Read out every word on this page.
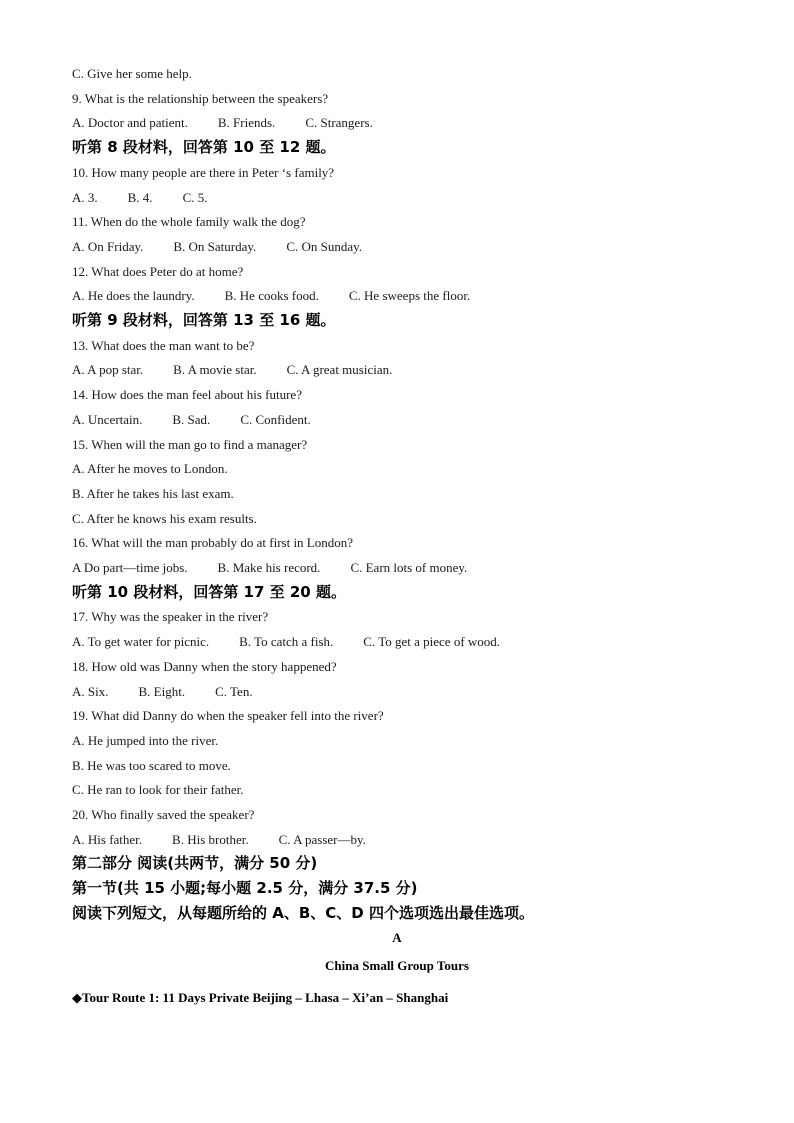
C. Give her some help.
9. What is the relationship between the speakers?
A. Doctor and patient. B. Friends. C. Strangers.
听第 8 段材料，回答第 10 至 12 题。
10. How many people are there in Peter ‘s family?
A. 3. B. 4. C. 5.
11. When do the whole family walk the dog?
A. On Friday. B. On Saturday. C. On Sunday.
12. What does Peter do at home?
A. He does the laundry. B. He cooks food. C. He sweeps the floor.
听第 9 段材料，回答第 13 至 16 题。
13. What does the man want to be?
A. A pop star. B. A movie star. C. A great musician.
14. How does the man feel about his future?
A. Uncertain. B. Sad. C. Confident.
15. When will the man go to find a manager?
A. After he moves to London.
B. After he takes his last exam.
C. After he knows his exam results.
16. What will the man probably do at first in London?
A Do part—time jobs. B. Make his record. C. Earn lots of money.
听第 10 段材料，回答第 17 至 20 题。
17. Why was the speaker in the river?
A. To get water for picnic. B. To catch a fish. C. To get a piece of wood.
18. How old was Danny when the story happened?
A. Six. B. Eight. C. Ten.
19. What did Danny do when the speaker fell into the river?
A. He jumped into the river.
B. He was too scared to move.
C. He ran to look for their father.
20. Who finally saved the speaker?
A. His father. B. His brother. C. A passer—by.
第二部分 阅读(共两节，满分 50 分)
第一节(共 15 小题;每小题 2.5 分，满分 37.5 分)
阅读下列短文，从每题所给的 A、B、C、D 四个选项选出最佳选项。
A
China Small Group Tours
◆Tour Route 1: 11 Days Private Beijing – Lhasa – Xi’an – Shanghai
